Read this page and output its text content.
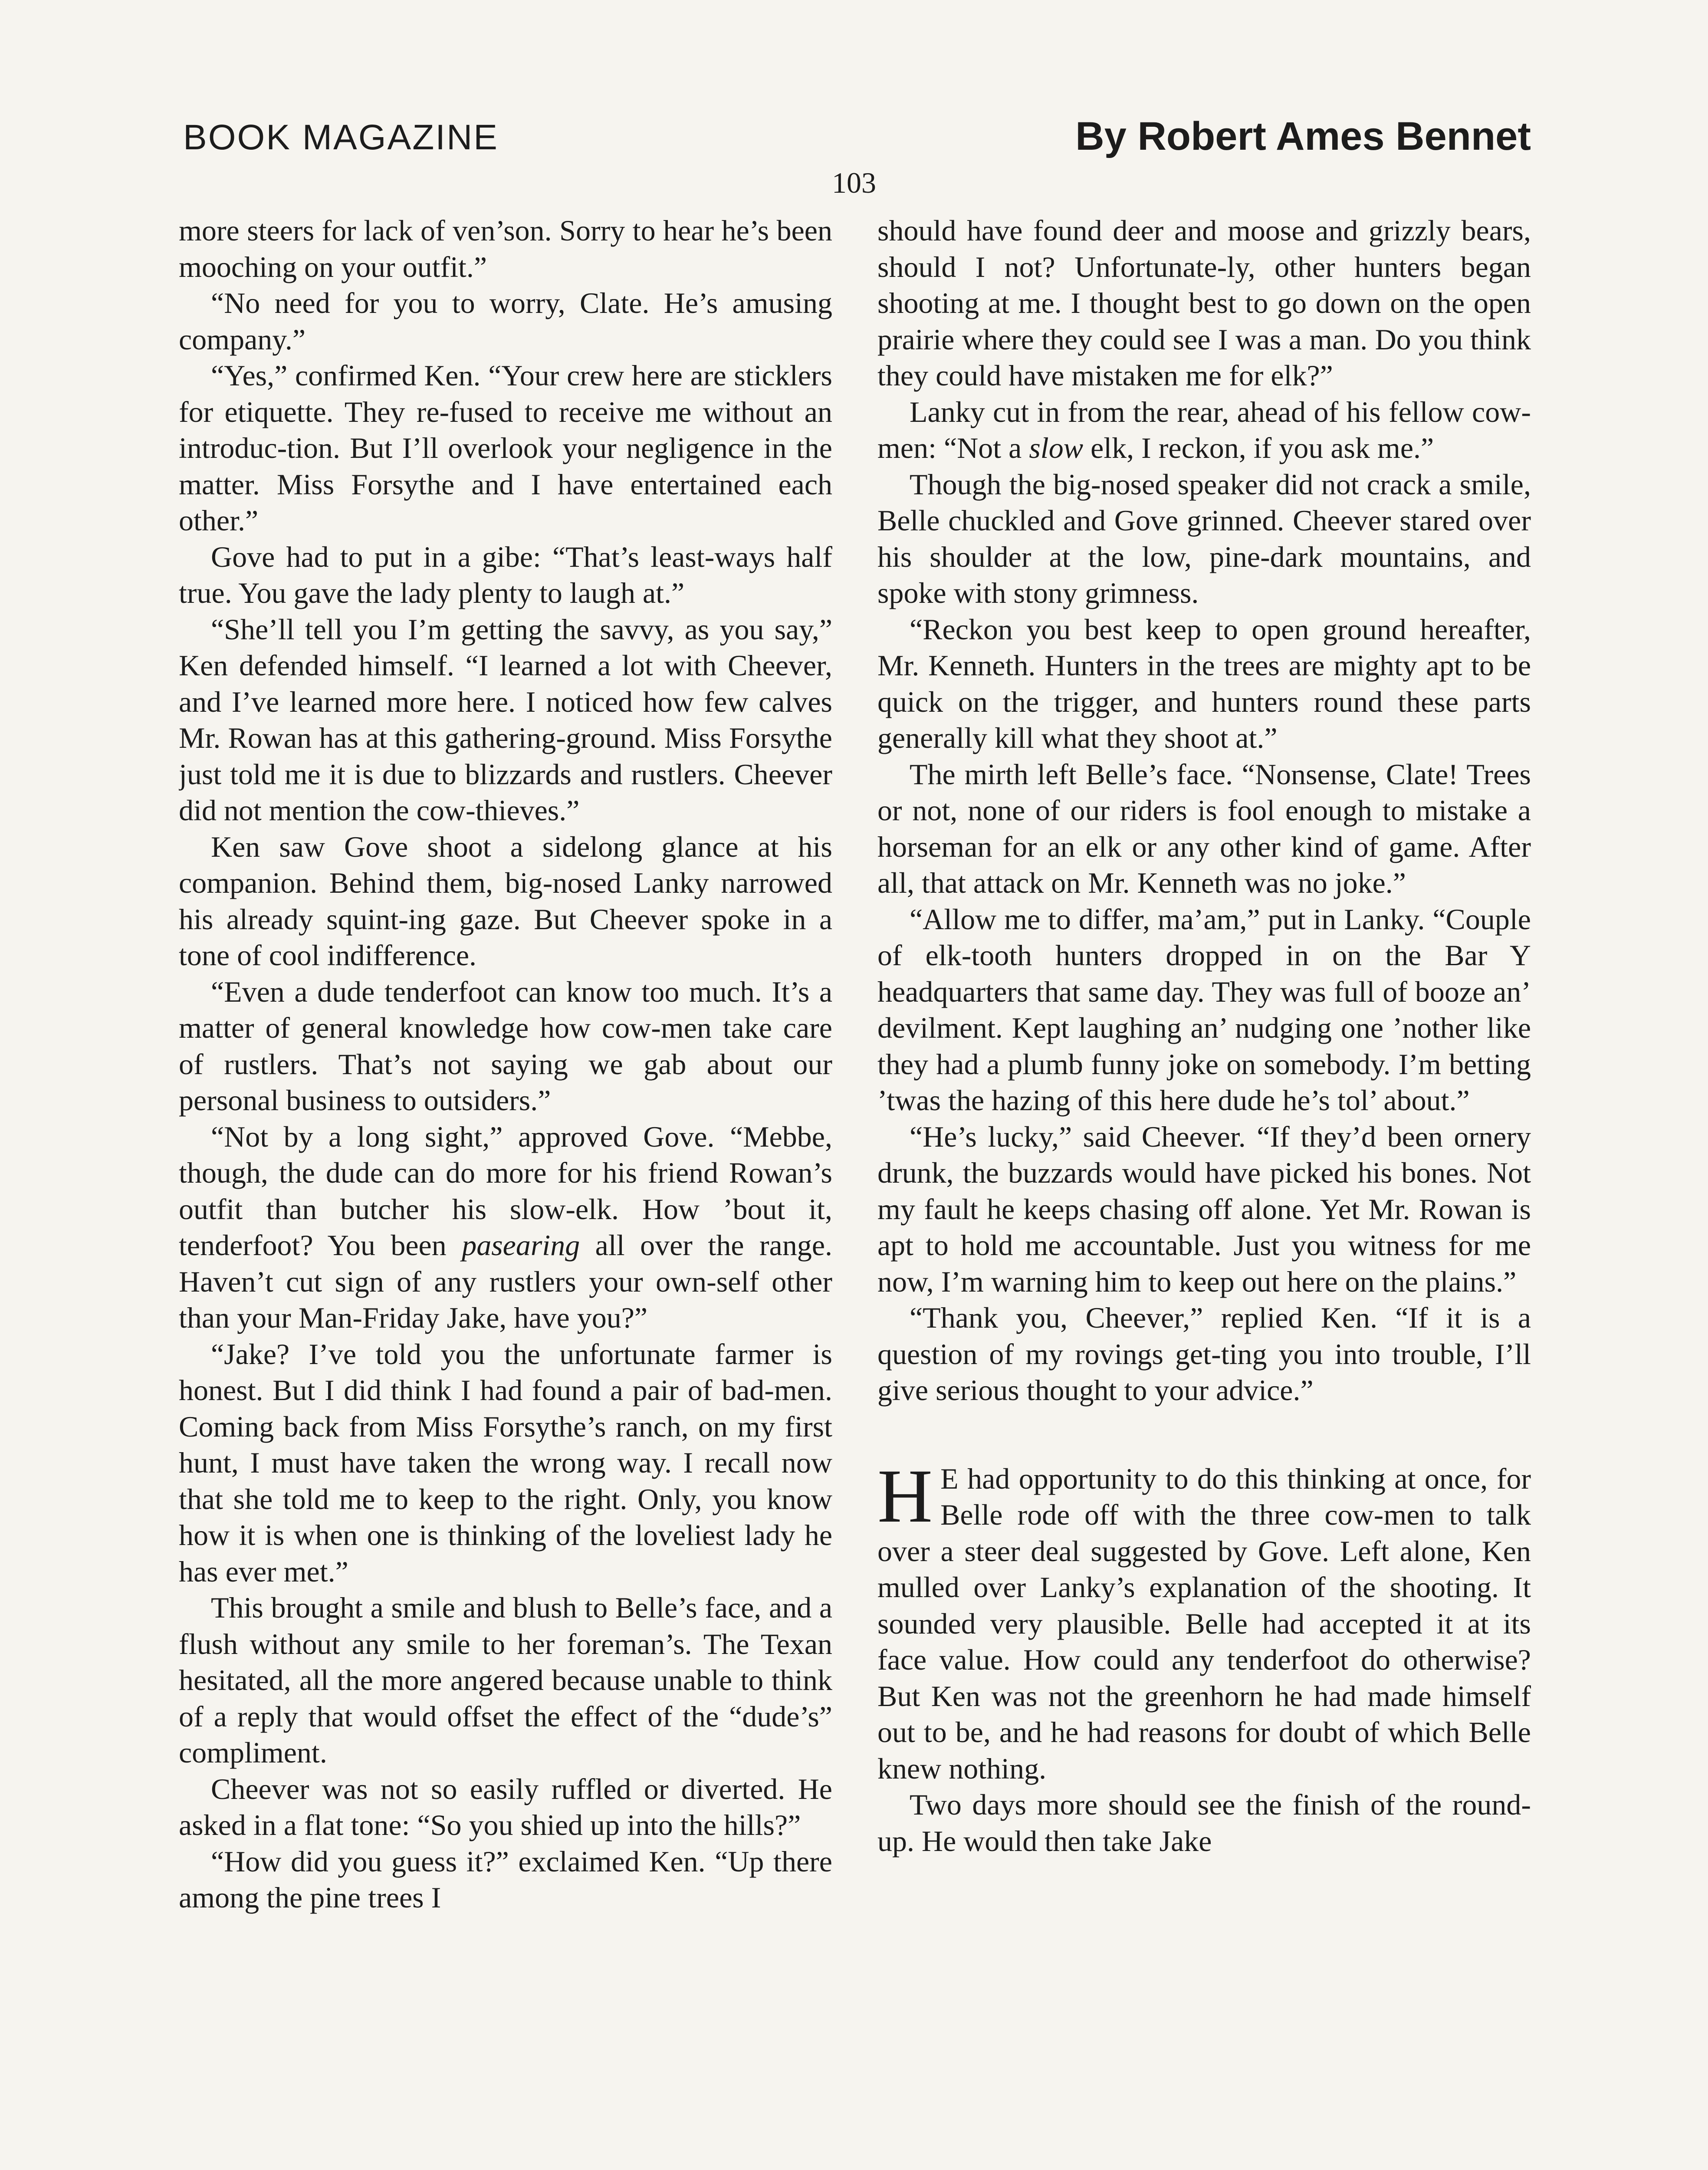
BOOK MAGAZINE	By Robert Ames Bennet
103

more steers for lack of ven’son. Sorry to hear he’s been mooching on your outfit.”

“No need for you to worry, Clate. He’s amusing company.”

“Yes,” confirmed Ken. “Your crew here are sticklers for etiquette. They re-fused to receive me without an introduc-tion. But I’ll overlook your negligence in the matter. Miss Forsythe and I have entertained each other.”

Gove had to put in a gibe: “That’s least-ways half true. You gave the lady plenty to laugh at.”

“She’ll tell you I’m getting the savvy, as you say,” Ken defended himself. “I learned a lot with Cheever, and I’ve learned more here. I noticed how few calves Mr. Rowan has at this gathering-ground. Miss Forsythe just told me it is due to blizzards and rustlers. Cheever did not mention the cow-thieves.”

Ken saw Gove shoot a sidelong glance at his companion. Behind them, big-nosed Lanky narrowed his already squint-ing gaze. But Cheever spoke in a tone of cool indifference.

“Even a dude tenderfoot can know too much. It’s a matter of general knowledge how cow-men take care of rustlers. That’s not saying we gab about our personal business to outsiders.”

“Not by a long sight,” approved Gove. “Mebbe, though, the dude can do more for his friend Rowan’s outfit than butcher his slow-elk. How ’bout it, tenderfoot? You been pasearing all over the range. Haven’t cut sign of any rustlers your own-self other than your Man-Friday Jake, have you?”

“Jake? I’ve told you the unfortunate farmer is honest. But I did think I had found a pair of bad-men. Coming back from Miss Forsythe’s ranch, on my first hunt, I must have taken the wrong way. I recall now that she told me to keep to the right. Only, you know how it is when one is thinking of the loveliest lady he has ever met.”

This brought a smile and blush to Belle’s face, and a flush without any smile to her foreman’s. The Texan hesitated, all the more angered because unable to think of a reply that would offset the effect of the “dude’s” compliment.

Cheever was not so easily ruffled or diverted. He asked in a flat tone: “So you shied up into the hills?”

“How did you guess it?” exclaimed Ken. “Up there among the pine trees I

should have found deer and moose and grizzly bears, should I not? Unfortunate-ly, other hunters began shooting at me. I thought best to go down on the open prairie where they could see I was a man. Do you think they could have mistaken me for elk?”

Lanky cut in from the rear, ahead of his fellow cow-men: “Not a slow elk, I reckon, if you ask me.”

Though the big-nosed speaker did not crack a smile, Belle chuckled and Gove grinned. Cheever stared over his shoulder at the low, pine-dark mountains, and spoke with stony grimness.

“Reckon you best keep to open ground hereafter, Mr. Kenneth. Hunters in the trees are mighty apt to be quick on the trigger, and hunters round these parts generally kill what they shoot at.”

The mirth left Belle’s face. “Nonsense, Clate! Trees or not, none of our riders is fool enough to mistake a horseman for an elk or any other kind of game. After all, that attack on Mr. Kenneth was no joke.”

“Allow me to differ, ma’am,” put in Lanky. “Couple of elk-tooth hunters dropped in on the Bar Y headquarters that same day. They was full of booze an’ devilment. Kept laughing an’ nudging one ’nother like they had a plumb funny joke on somebody. I’m betting ’twas the hazing of this here dude he’s tol’ about.”

“He’s lucky,” said Cheever. “If they’d been ornery drunk, the buzzards would have picked his bones. Not my fault he keeps chasing off alone. Yet Mr. Rowan is apt to hold me accountable. Just you witness for me now, I’m warning him to keep out here on the plains.”

“Thank you, Cheever,” replied Ken. “If it is a question of my rovings get-ting you into trouble, I’ll give serious thought to your advice.”

H E had opportunity to do this thinking at once, for Belle rode off with the three cow-men to talk over a steer deal suggested by Gove. Left alone, Ken mulled over Lanky’s explanation of the shooting. It sounded very plausible. Belle had accepted it at its face value. How could any tenderfoot do otherwise? But Ken was not the greenhorn he had made himself out to be, and he had reasons for doubt of which Belle knew nothing.

Two days more should see the finish of the round-up. He would then take Jake
